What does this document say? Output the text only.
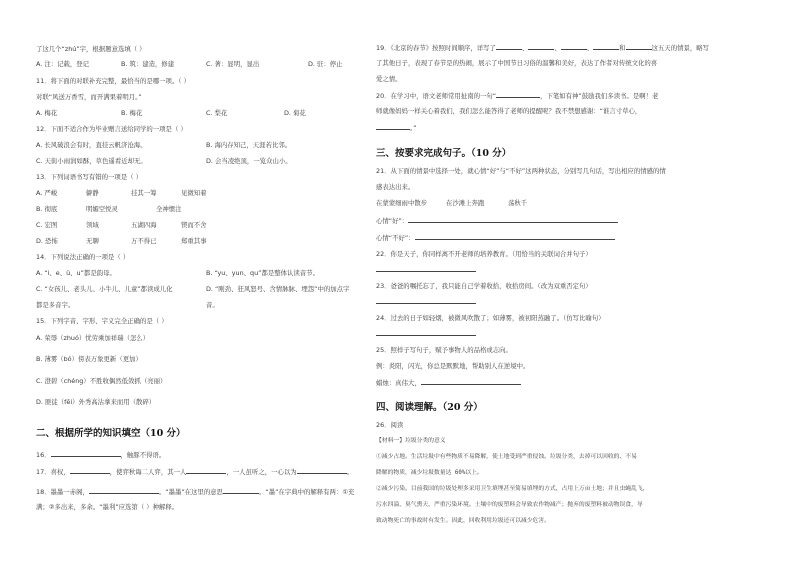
了这几个“zhú”字，根据题意选填（ ）
A. 注：记载，登记	B. 筑：建造，修建	C. 著：显明，显出	D. 驻：停止
11．将下面的对联补充完整，最恰当的是哪一项。（ ）
对联“风送万香雪，而开满果着明月。”
A. 梅花	B. 梅花	C. 梨花	D. 菊花
12．下面不适合作为毕业赠言送给同学的一项是（ ）
A. 长风破浪会有时，直挂云帆济沧海。	B. 海内存知己，天涯若比邻。
C. 天街小雨润如酥，草色遥看近却无。	D. 会当凌绝顶，一览众山小。
13．下列词语书写有错的一项是（ ）
A. 严峻	僻静	挂其一筹	见微知着
B. 彻底	明媚空悦灵	全神惯注
C. 宏图	领域	五湖四海	锲而不舍
D. 恐怖	无聊	万不得已	郑重其事
14．下列说法正确的一项是（ ）
A. “i、e、ü、u”都是韵母。	B. “yu、yun、qu”都是整体认读音节。
C. “女孩儿、老头儿、小牛儿、儿童”都读成儿化	D. “刚劲、狂风怒号、含情脉脉、埋怨”中的加点字
都是多音字。	音。
15．下列字音、字形、字义完全正确的是（ ）
A. 荣辱（zhuó）忧劳乘加祥瑞（怎么）
B. 薄雾（bó）傍表万象更新（更加）
C. 澄碧（chéng）不胜收偶然低敛抓（亮丽）
D. 匪徒（fěi）外秀高沾拿来而用（散碎）
二、根据所学的知识填空（10 分）
16．	，触豚不得语。
17．喜权，	，使弈秋诲二人弈，其一人	，一人虽听之，一心以为	。
18．墨墨一赤阁，	。“墨墨”在这里的意思	。“墨”在字典中的解释有两：①充
满；②多出来，多余。“墨利”应选第（ ）种解释。
19．《北京的春节》按照时间顺序，详写了	、	、	、	和	这五天的情景，略写
了其他日子，表现了春节是的热闹，展示了中国节日习俗的温馨和美好，表达了作者对传统文化的喜
爱之情。
20．在学习中，语文老师常用扯南的一句“	，下笔如有神”鼓励我们多读书。是啊！老
师就像妈妈一样关心着我们，我们怎么能答得了老师的提醒呢？我不禁想感谢：“谁言寸草心，
。”
三、按要求完成句子。（10 分）
21．从下面的情景中选择一处，就心情“好”与“不好”这两种状态，分别写几句话，写出相应的情感的情
感表达出来。
在蒙蒙细雨中散步	在沙滩上奔跑	荡秋千
心情“好”：
心情“不好”：
22．你是天子，你同样离不开老师的培养教育。（用恰当的关联词合并句子）
23．爸爸的嘱托忘了，我只能自己学着收拾，收拾房间。（改为双重否定句）
24．过去的日子如轻烟，被微风吹散了；如薄雾，被初阳蒸融了。（仿写比喻句）
25．照样子写句子，赋予事物人的品格或志向。
例：炎阳，闪光，你总是默默地，帮助别人在逆境中。
蜡烛：真伟大，
四、阅读理解。（20 分）
26．阅读
【材料一】垃圾分类的意义
①减少占地。生活垃圾中有些物质不易降解，使土地受到严重侵蚀。垃圾分类，去掉可以回收的、不易
降解的物质，减少垃圾数量达 60%以上。
②减少污染。目前我国的垃圾处理多采用卫生填埋甚至简易填埋的方式，占用上万亩土地；并且虫蝇乱飞，
污水四溢，臭气熏天，严重污染环境。土壤中的废塑料会导致农作物减产；抛弃的废塑料被动物误食，导
致动物死亡的事故时有发生。因此，回收利用垃圾还可以减少危害。
